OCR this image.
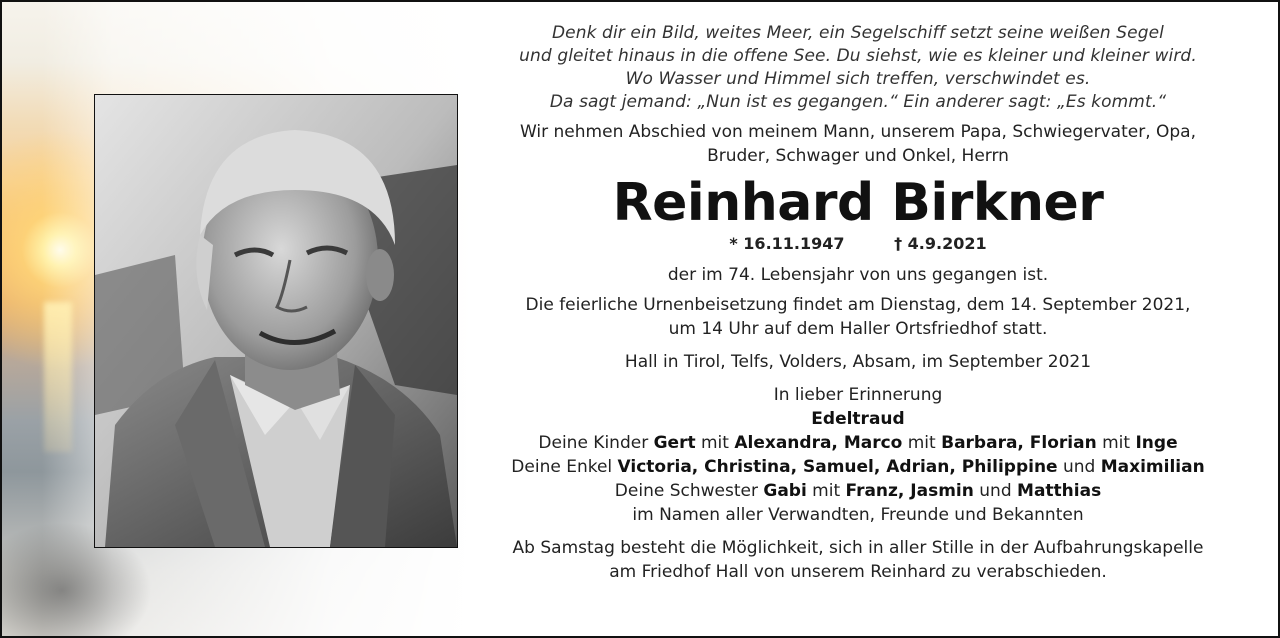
Denk dir ein Bild, weites Meer, ein Segelschiff setzt seine weißen Segel
und gleitet hinaus in die offene See. Du siehst, wie es kleiner und kleiner wird.
Wo Wasser und Himmel sich treffen, verschwindet es.
Da sagt jemand: „Nun ist es gegangen.“ Ein anderer sagt: „Es kommt.“
Wir nehmen Abschied von meinem Mann, unserem Papa, Schwiegervater, Opa,
Bruder, Schwager und Onkel, Herrn
Reinhard Birkner
* 16.11.1947	† 4.9.2021
der im 74. Lebensjahr von uns gegangen ist.
Die feierliche Urnenbeisetzung findet am Dienstag, dem 14. September 2021,
um 14 Uhr auf dem Haller Ortsfriedhof statt.
Hall in Tirol, Telfs, Volders, Absam, im September 2021
In lieber Erinnerung
Edeltraud
Deine Kinder Gert mit Alexandra, Marco mit Barbara, Florian mit Inge
Deine Enkel Victoria, Christina, Samuel, Adrian, Philippine und Maximilian
Deine Schwester Gabi mit Franz, Jasmin und Matthias
im Namen aller Verwandten, Freunde und Bekannten
Ab Samstag besteht die Möglichkeit, sich in aller Stille in der Aufbahrungskapelle
am Friedhof Hall von unserem Reinhard zu verabschieden.
